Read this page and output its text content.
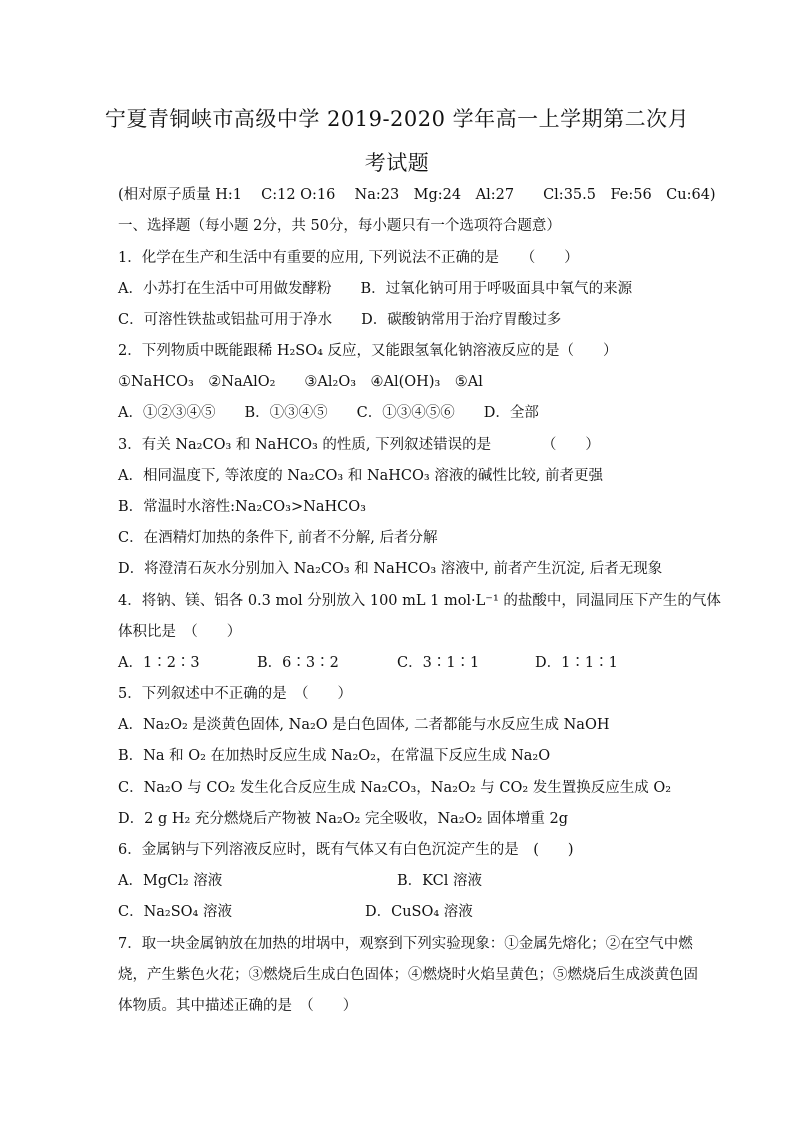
宁夏青铜峡市高级中学 2019-2020 学年高一上学期第二次月
考试题
(相对原子质量 H:1　 C:12 O:16　 Na:23　Mg:24　Al:27　　Cl:35.5　Fe:56　Cu:64)
一、选择题（每小题 2分，共 50分，每小题只有一个选项符合题意）
1．化学在生产和生活中有重要的应用, 下列说法不正确的是　　（　　）
A．小苏打在生活中可用做发酵粉　　B．过氧化钠可用于呼吸面具中氧气的来源
C．可溶性铁盐或铝盐可用于净水　　D．碳酸钠常用于治疗胃酸过多
2．下列物质中既能跟稀 H₂SO₄ 反应，又能跟氢氧化钠溶液反应的是（　　）
①NaHCO₃　②NaAlO₂　　③Al₂O₃　④Al(OH)₃　⑤Al
A．①②③④⑤　　B．①③④⑤　　C．①③④⑤⑥　　D．全部
3．有关 Na₂CO₃ 和 NaHCO₃ 的性质, 下列叙述错误的是　　　　（　　）
A．相同温度下, 等浓度的 Na₂CO₃ 和 NaHCO₃ 溶液的碱性比较, 前者更强
B．常温时水溶性:Na₂CO₃>NaHCO₃
C．在酒精灯加热的条件下, 前者不分解, 后者分解
D．将澄清石灰水分别加入 Na₂CO₃ 和 NaHCO₃ 溶液中, 前者产生沉淀, 后者无现象
4．将钠、镁、铝各 0.3 mol 分别放入 100 mL 1 mol·L⁻¹ 的盐酸中，同温同压下产生的气体
体积比是　（　　）
A．1∶2∶3	B．6∶3∶2	C．3∶1∶1	D．1∶1∶1
5．下列叙述中不正确的是　（　　）
A．Na₂O₂ 是淡黄色固体, Na₂O 是白色固体, 二者都能与水反应生成 NaOH
B．Na 和 O₂ 在加热时反应生成 Na₂O₂，在常温下反应生成 Na₂O
C．Na₂O 与 CO₂ 发生化合反应生成 Na₂CO₃，Na₂O₂ 与 CO₂ 发生置换反应生成 O₂
D．2 g H₂ 充分燃烧后产物被 Na₂O₂ 完全吸收，Na₂O₂ 固体增重 2g
6．金属钠与下列溶液反应时，既有气体又有白色沉淀产生的是　(　　)
A．MgCl₂ 溶液	B．KCl 溶液
C．Na₂SO₄ 溶液	D．CuSO₄ 溶液
7．取一块金属钠放在加热的坩埚中，观察到下列实验现象：①金属先熔化；②在空气中燃
烧，产生紫色火花；③燃烧后生成白色固体；④燃烧时火焰呈黄色；⑤燃烧后生成淡黄色固
体物质。其中描述正确的是　（　　）
